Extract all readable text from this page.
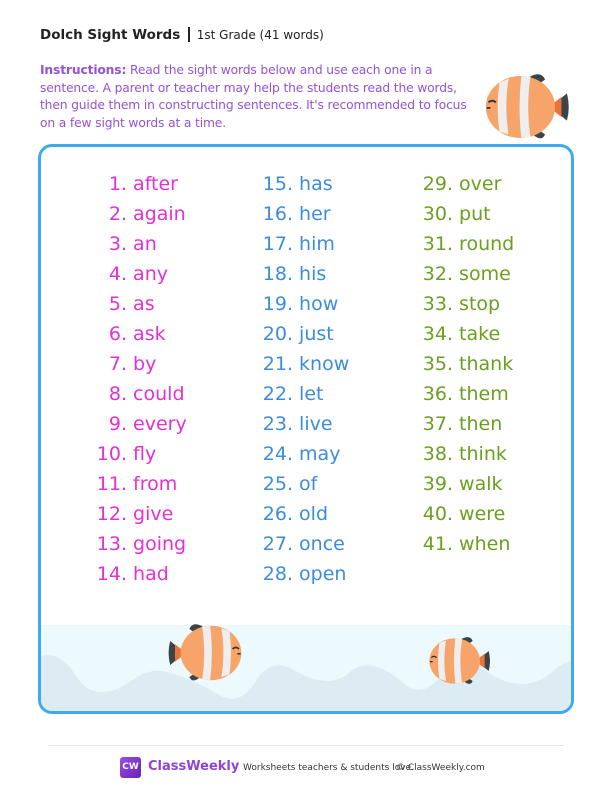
Dolch Sight Words 1st Grade (41 words)
Instructions: Read the sight words below and use each one in a sentence. A parent or teacher may help the students read the words, then guide them in constructing sentences. It's recommended to focus on a few sight words at a time.
1. after
2. again
3. an
4. any
5. as
6. ask
7. by
8. could
9. every
10. fly
11. from
12. give
13. going
14. had
15. has
16. her
17. him
18. his
19. how
20. just
21. know
22. let
23. live
24. may
25. of
26. old
27. once
28. open
29. over
30. put
31. round
32. some
33. stop
34. take
35. thank
36. them
37. then
38. think
39. walk
40. were
41. when
CW ClassWeekly Worksheets teachers & students love.
© ClassWeekly.com
